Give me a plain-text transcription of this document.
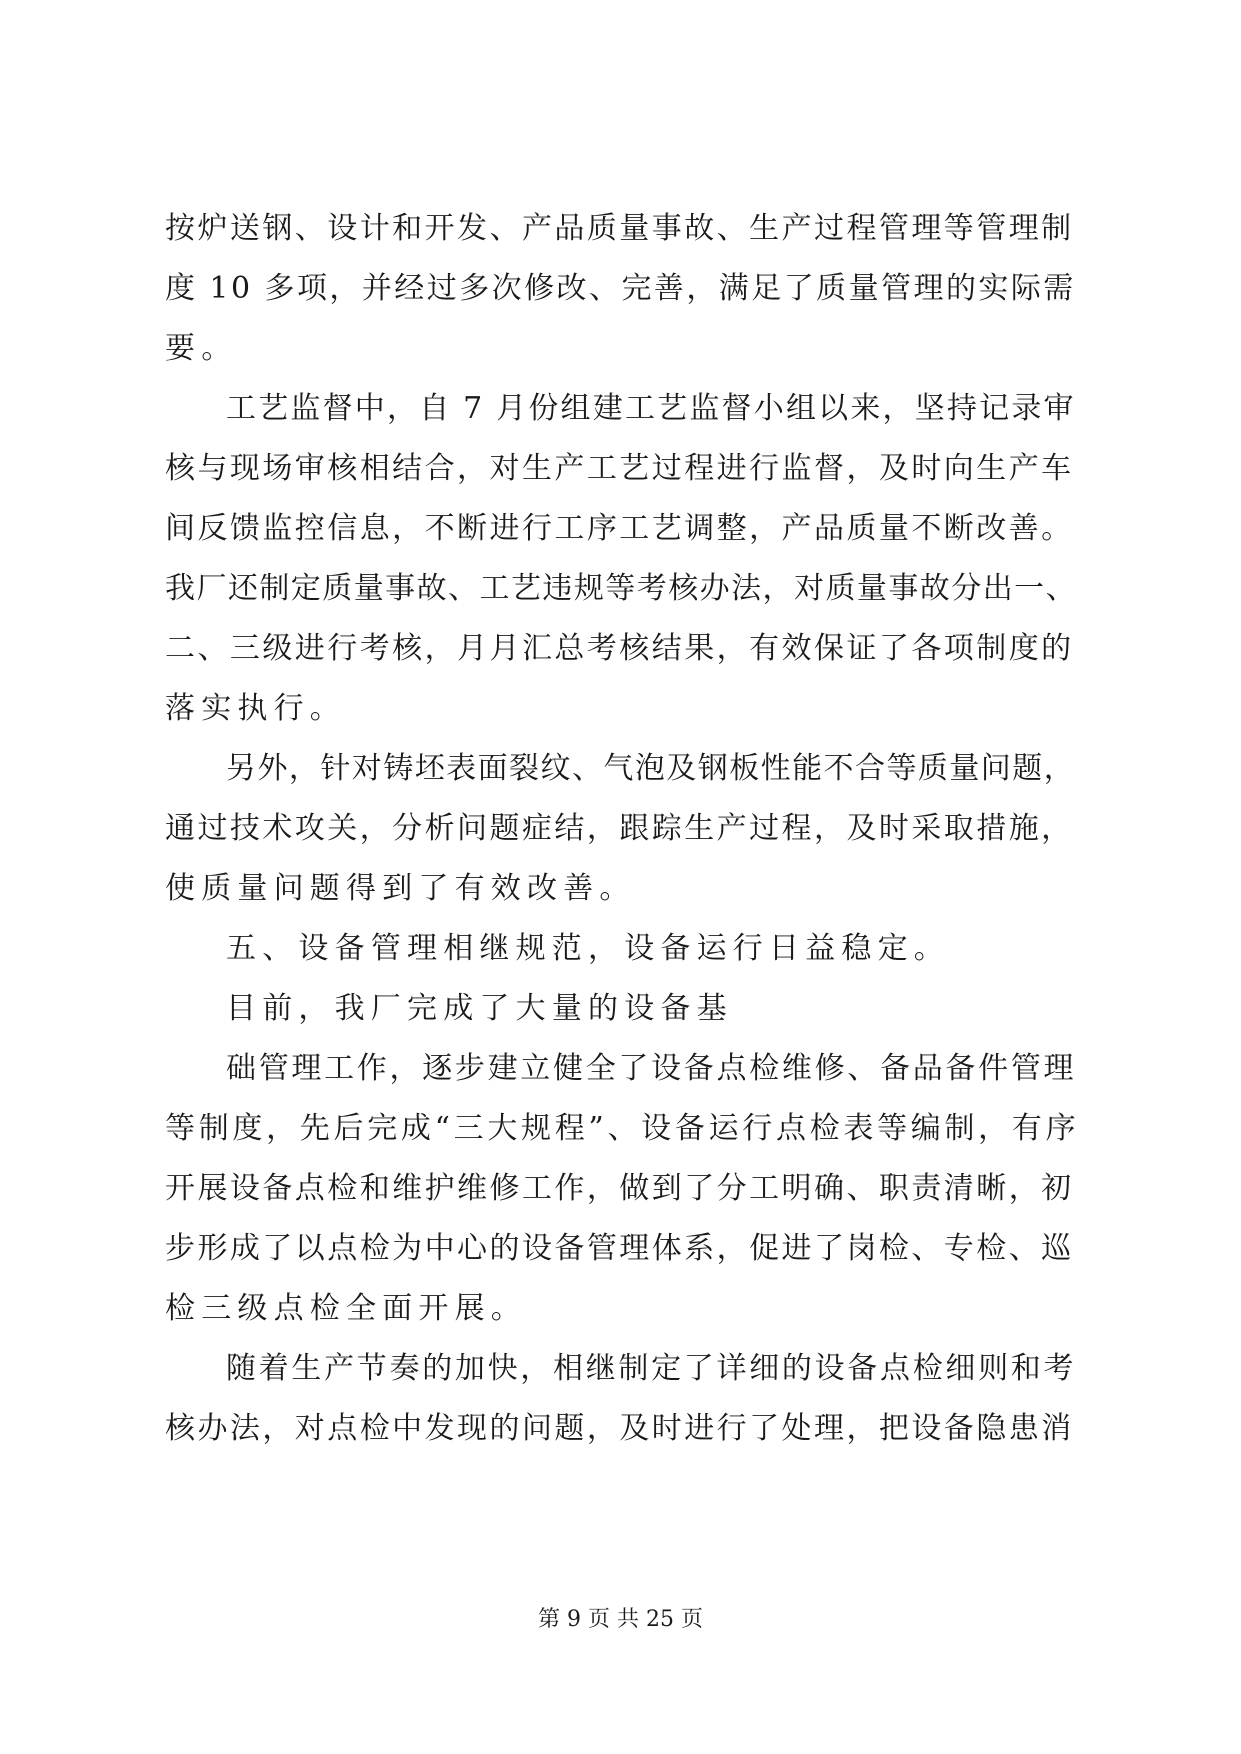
按炉送钢、设计和开发、产品质量事故、生产过程管理等管理制
度 10 多项，并经过多次修改、完善，满足了质量管理的实际需
要。
工艺监督中，自 7 月份组建工艺监督小组以来，坚持记录审
核与现场审核相结合，对生产工艺过程进行监督，及时向生产车
间反馈监控信息，不断进行工序工艺调整，产品质量不断改善。
我厂还制定质量事故、工艺违规等考核办法，对质量事故分出一、
二、三级进行考核，月月汇总考核结果，有效保证了各项制度的
落实执行。
另外，针对铸坯表面裂纹、气泡及钢板性能不合等质量问题，
通过技术攻关，分析问题症结，跟踪生产过程，及时采取措施，
使质量问题得到了有效改善。
五、设备管理相继规范，设备运行日益稳定。
目前，我厂完成了大量的设备基
础管理工作，逐步建立健全了设备点检维修、备品备件管理
等制度，先后完成“三大规程”、设备运行点检表等编制，有序
开展设备点检和维护维修工作，做到了分工明确、职责清晰，初
步形成了以点检为中心的设备管理体系，促进了岗检、专检、巡
检三级点检全面开展。
随着生产节奏的加快，相继制定了详细的设备点检细则和考
核办法，对点检中发现的问题，及时进行了处理，把设备隐患消
第 9 页 共 25 页
